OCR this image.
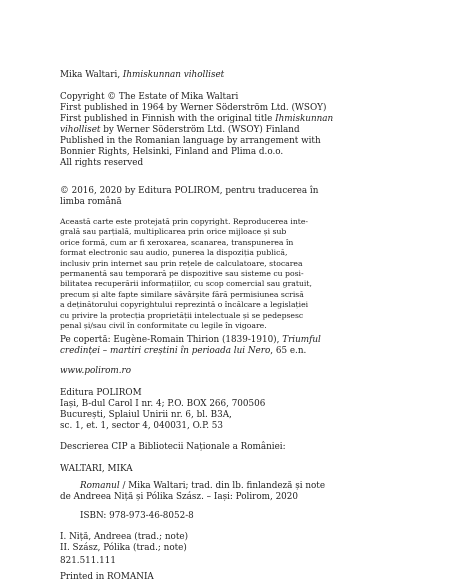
Mika Waltari, Ihmiskunnan viholliset

Copyright © The Estate of Mika Waltari
First published in 1964 by Werner Söderström Ltd. (WSOY)
First published in Finnish with the original title Ihmiskunnan
viholliset by Werner Söderström Ltd. (WSOY) Finland
Published in the Romanian language by arrangement with
Bonnier Rights, Helsinki, Finland and Plima d.o.o.
All rights reserved

© 2016, 2020 by Editura POLIROM, pentru traducerea în
limba română

Această carte este protejată prin copyright. Reproducerea inte-
grală sau parțială, multiplicarea prin orice mijloace și sub
orice formă, cum ar fi xeroxarea, scanarea, transpunerea în
format electronic sau audio, punerea la dispoziția publică,
inclusiv prin internet sau prin rețele de calculatoare, stocarea
permanentă sau temporară pe dispozitive sau sisteme cu posi-
bilitatea recuperării informațiilor, cu scop comercial sau gratuit,
precum și alte fapte similare săvârșite fără permisiunea scrisă
a deținătorului copyrightului reprezintă o încălcare a legislației
cu privire la protecția proprietății intelectuale și se pedepsesc
penal și/sau civil în conformitate cu legile în vigoare.

Pe copertă: Eugène-Romain Thirion (1839-1910), Triumful
credinței – martiri creștini în perioada lui Nero, 65 e.n.

www.polirom.ro

Editura POLIROM
Iași, B-dul Carol I nr. 4; P.O. BOX 266, 700506
București, Splaiul Unirii nr. 6, bl. B3A,
sc. 1, et. 1, sector 4, 040031, O.P. 53

Descrierea CIP a Bibliotecii Naționale a României:

WALTARI, MIKA

Romanul / Mika Waltari; trad. din lb. finlandeză și note
de Andreea Niță și Pólika Szász. – Iași: Polirom, 2020

ISBN: 978-973-46-8052-8

I. Niță, Andreea (trad.; note)
II. Szász, Pólika (trad.; note)

821.511.111

Printed in ROMANIA
